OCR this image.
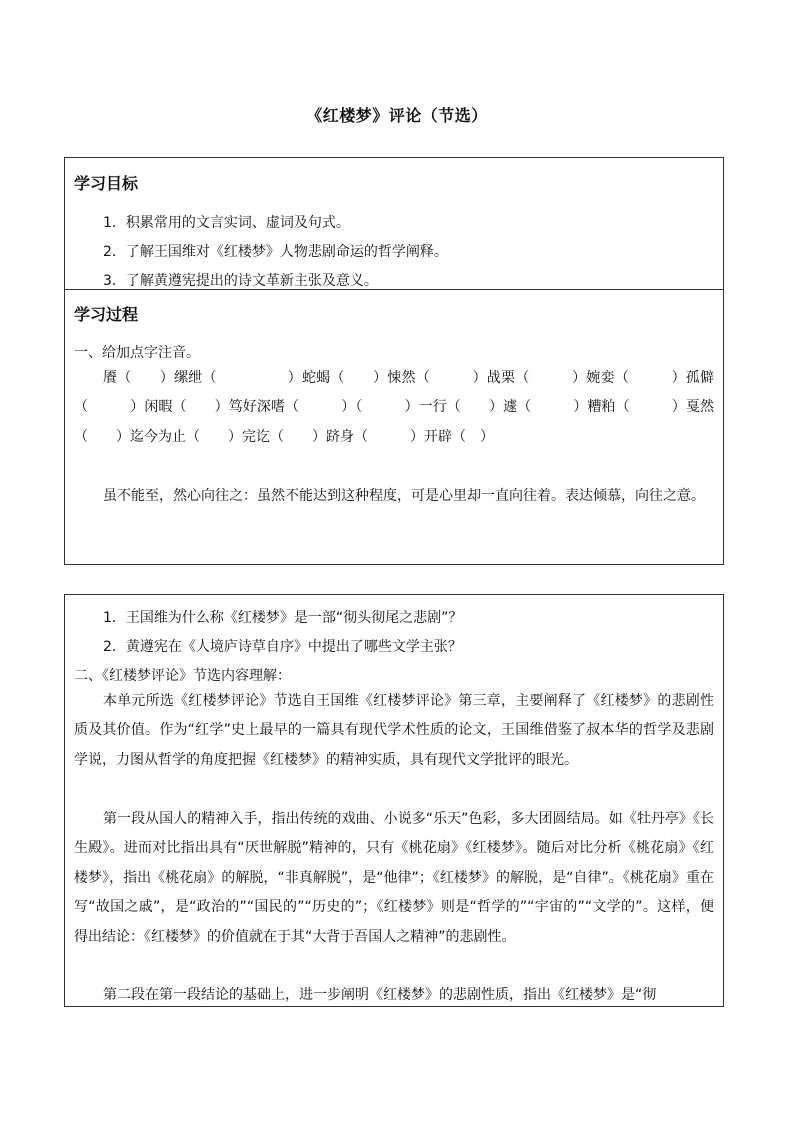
《红楼梦》评论（节选）
学习目标

1．积累常用的文言实词、虚词及句式。

2．了解王国维对《红楼梦》人物悲剧命运的哲学阐释。

3．了解黄遵宪提出的诗文革新主张及意义。

学习过程

一、给加点字注音。

餍（　　）缧绁（　　　　　）蛇蝎（　　）悚然（　　　）战栗（　　　）婉娈（　　　）孤僻（　　　）闲暇（　　）笃好深嗜（　　　）（　　　）一行（　　）遽（　　　）糟粕（　　　）戛然（　　）迄今为止（　　）完讫（　　）跻身（　　　）开辟（　）

虽不能至，然心向往之：虽然不能达到这种程度，可是心里却一直向往着。表达倾慕，向往之意。

1．王国维为什么称《红楼梦》是一部“彻头彻尾之悲剧”？

2．黄遵宪在《人境庐诗草自序》中提出了哪些文学主张？

二、《红楼梦评论》节选内容理解：

本单元所选《红楼梦评论》节选自王国维《红楼梦评论》第三章，主要阐释了《红楼梦》的悲剧性质及其价值。作为“红学”史上最早的一篇具有现代学术性质的论文，王国维借鉴了叔本华的哲学及悲剧学说，力图从哲学的角度把握《红楼梦》的精神实质，具有现代文学批评的眼光。

第一段从国人的精神入手，指出传统的戏曲、小说多“乐天”色彩，多大团圆结局。如《牡丹亭》《长生殿》。进而对比指出具有“厌世解脱”精神的，只有《桃花扇》《红楼梦》。随后对比分析《桃花扇》《红楼梦》，指出《桃花扇》的解脱，“非真解脱”，是“他律”；《红楼梦》的解脱，是“自律”。《桃花扇》重在写“故国之戚”，是“政治的”“国民的”“历史的”；《红楼梦》则是“哲学的”“宇宙的”“文学的”。这样，便得出结论：《红楼梦》的价值就在于其“大背于吾国人之精神”的悲剧性。

第二段在第一段结论的基础上，进一步阐明《红楼梦》的悲剧性质，指出《红楼梦》是“彻
